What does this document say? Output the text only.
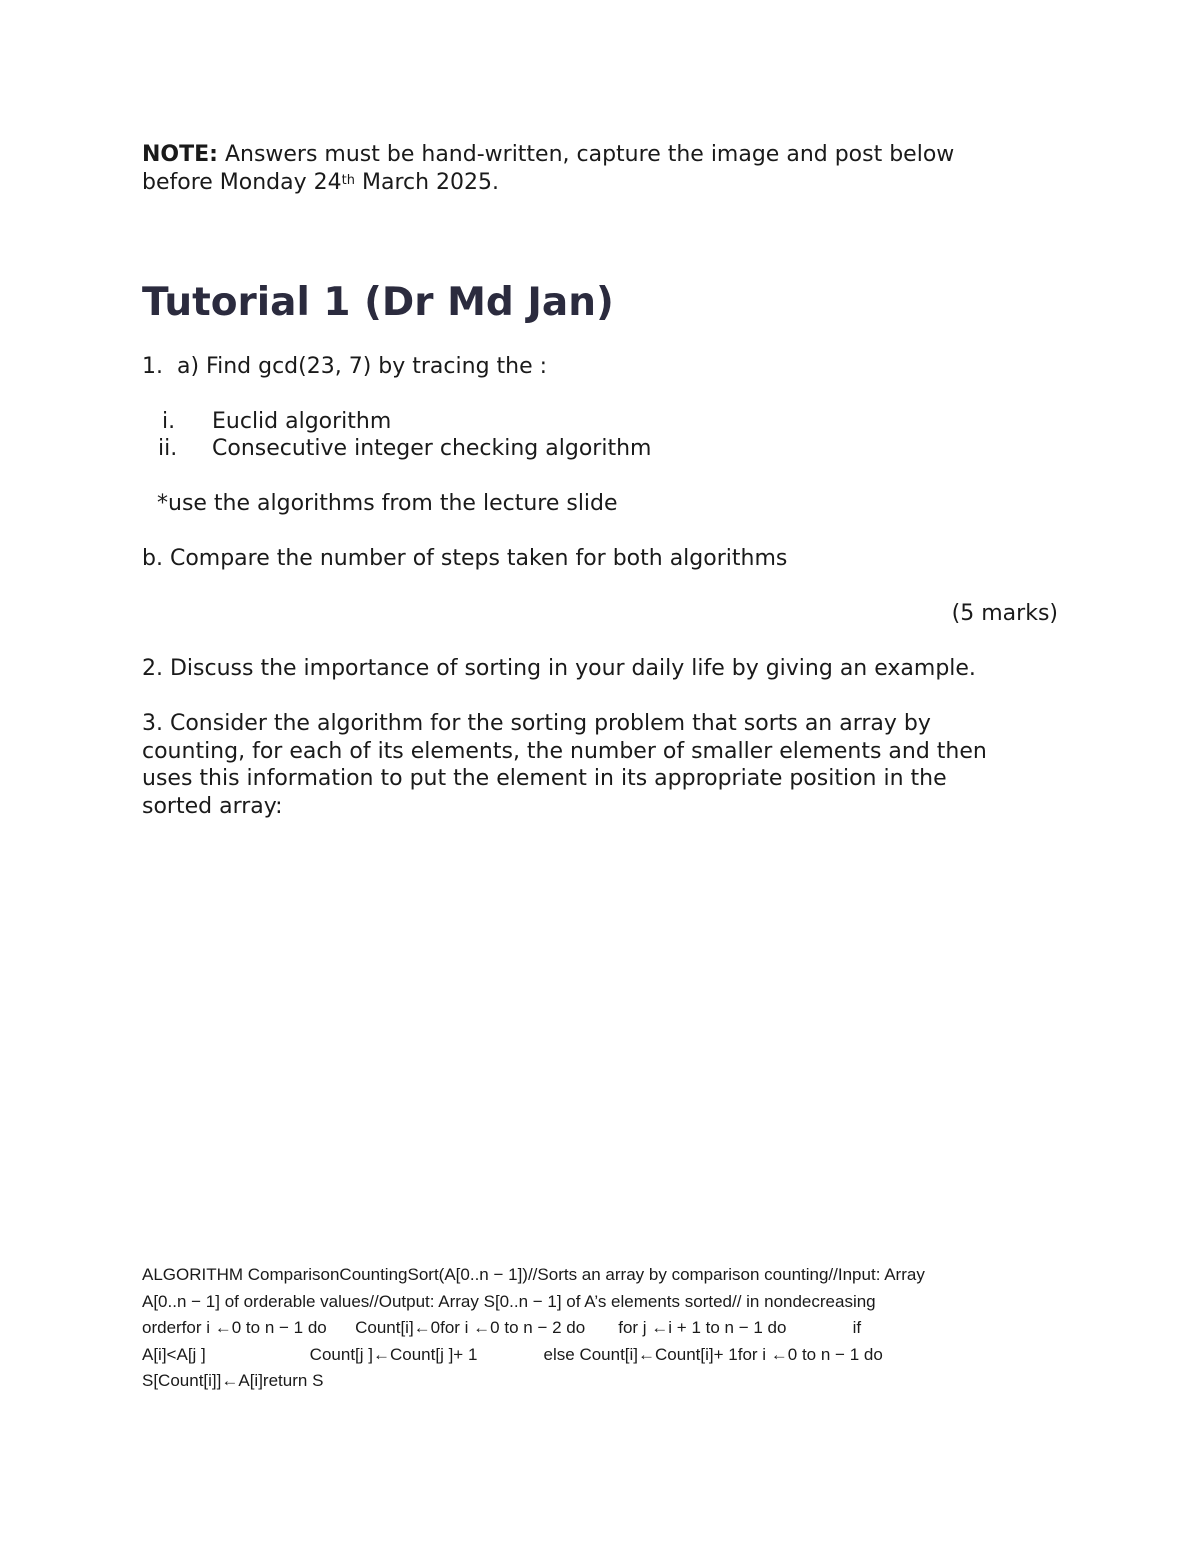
NOTE: Answers must be hand-written, capture the image and post below
before Monday 24th March 2025.
Tutorial 1 (Dr Md Jan)
1. a) Find gcd(23, 7) by tracing the :
i. Euclid algorithm
ii. Consecutive integer checking algorithm
*use the algorithms from the lecture slide
b. Compare the number of steps taken for both algorithms
(5 marks)
2. Discuss the importance of sorting in your daily life by giving an example.
3. Consider the algorithm for the sorting problem that sorts an array by
counting, for each of its elements, the number of smaller elements and then
uses this information to put the element in its appropriate position in the
sorted array:
ALGORITHM ComparisonCountingSort(A[0..n − 1])//Sorts an array by comparison counting//Input: Array
A[0..n − 1] of orderable values//Output: Array S[0..n − 1] of A’s elements sorted// in nondecreasing
orderfor i ←0 to n − 1 do      Count[i]←0for i ←0 to n − 2 do       for j ←i + 1 to n − 1 do              if
A[i]<A[j ]                      Count[j ]←Count[j ]+ 1              else Count[i]←Count[i]+ 1for i ←0 to n − 1 do
S[Count[i]]←A[i]return S
